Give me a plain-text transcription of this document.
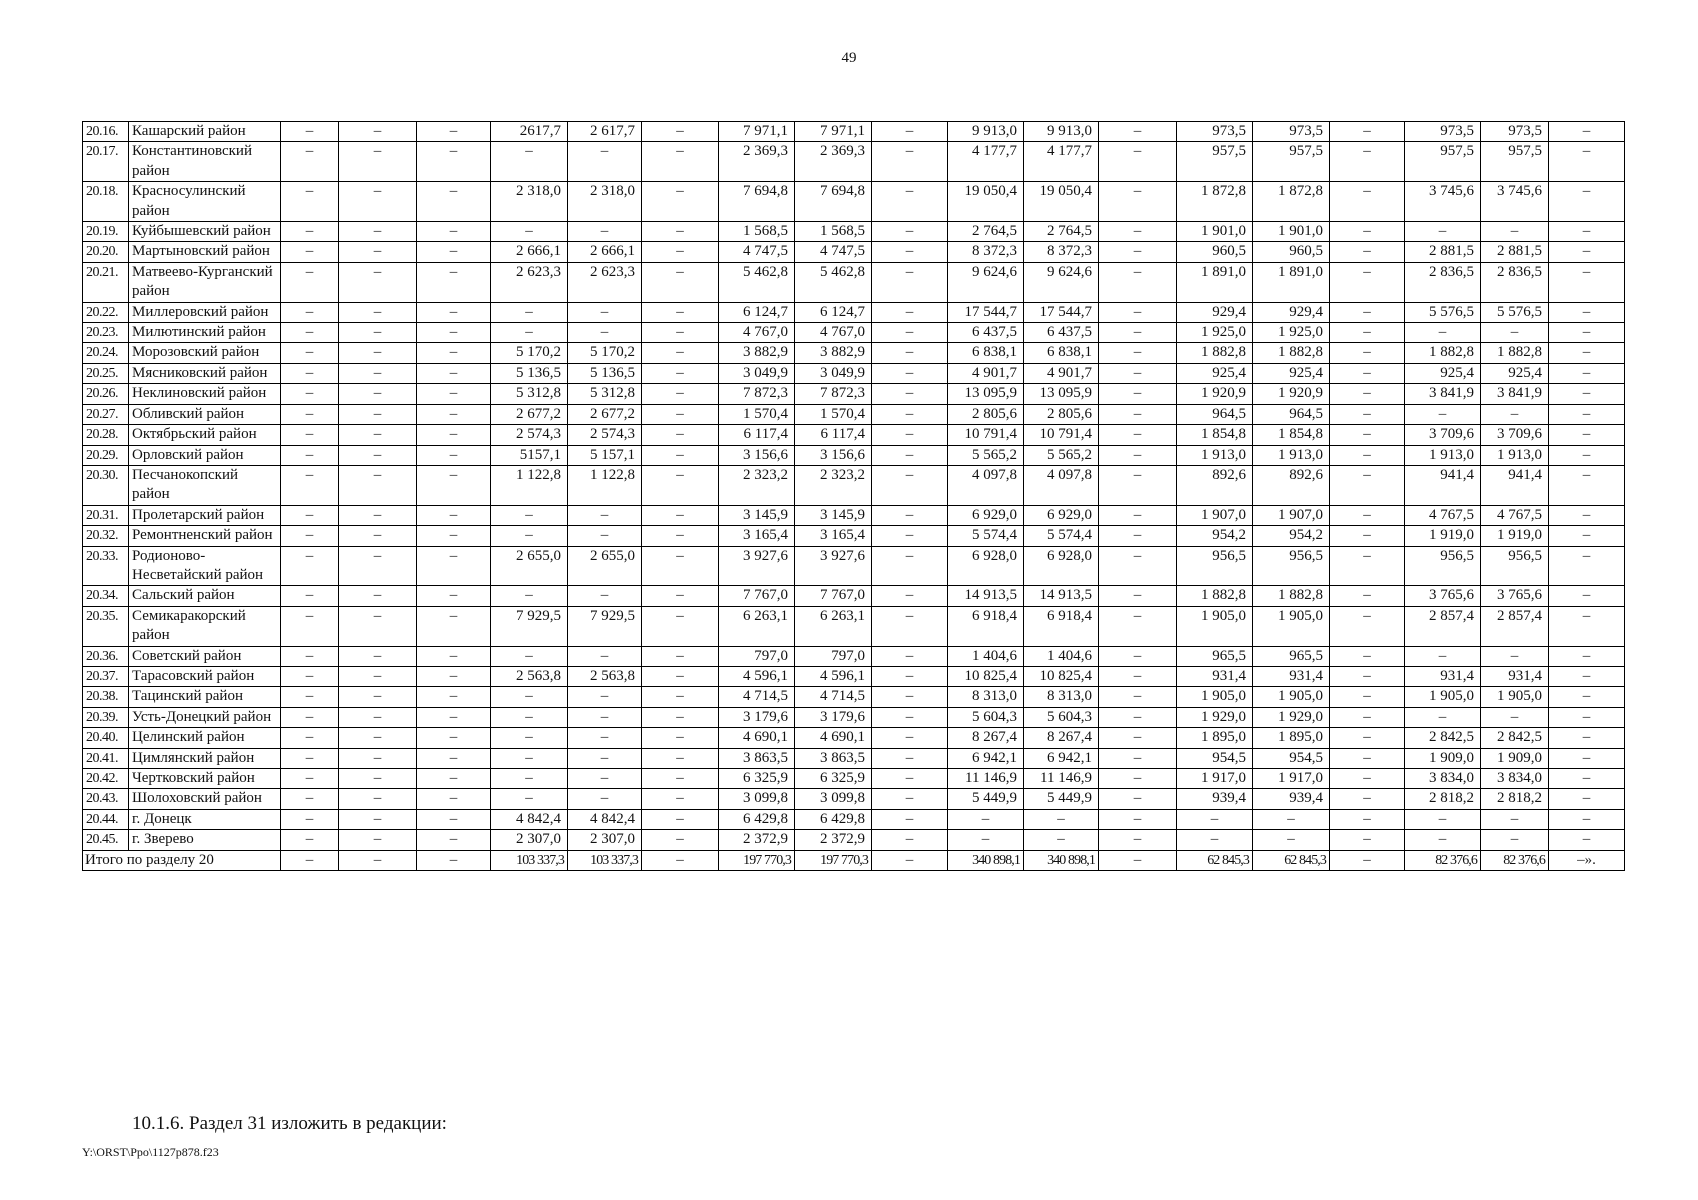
49
20.16.	Кашарский район	–	–	–	2617,7	2 617,7	–	7 971,1	7 971,1	–	9 913,0	9 913,0	–	973,5	973,5	–	973,5	973,5	–
20.17.	Константиновский район	–	–	–	–	–	–	2 369,3	2 369,3	–	4 177,7	4 177,7	–	957,5	957,5	–	957,5	957,5	–
20.18.	Красносулинский район	–	–	–	2 318,0	2 318,0	–	7 694,8	7 694,8	–	19 050,4	19 050,4	–	1 872,8	1 872,8	–	3 745,6	3 745,6	–
20.19.	Куйбышевский район	–	–	–	–	–	–	1 568,5	1 568,5	–	2 764,5	2 764,5	–	1 901,0	1 901,0	–	–	–	–
20.20.	Мартыновский район	–	–	–	2 666,1	2 666,1	–	4 747,5	4 747,5	–	8 372,3	8 372,3	–	960,5	960,5	–	2 881,5	2 881,5	–
20.21.	Матвеево-Курганский район	–	–	–	2 623,3	2 623,3	–	5 462,8	5 462,8	–	9 624,6	9 624,6	–	1 891,0	1 891,0	–	2 836,5	2 836,5	–
20.22.	Миллеровский район	–	–	–	–	–	–	6 124,7	6 124,7	–	17 544,7	17 544,7	–	929,4	929,4	–	5 576,5	5 576,5	–
20.23.	Милютинский район	–	–	–	–	–	–	4 767,0	4 767,0	–	6 437,5	6 437,5	–	1 925,0	1 925,0	–	–	–	–
20.24.	Морозовский район	–	–	–	5 170,2	5 170,2	–	3 882,9	3 882,9	–	6 838,1	6 838,1	–	1 882,8	1 882,8	–	1 882,8	1 882,8	–
20.25.	Мясниковский район	–	–	–	5 136,5	5 136,5	–	3 049,9	3 049,9	–	4 901,7	4 901,7	–	925,4	925,4	–	925,4	925,4	–
20.26.	Неклиновский район	–	–	–	5 312,8	5 312,8	–	7 872,3	7 872,3	–	13 095,9	13 095,9	–	1 920,9	1 920,9	–	3 841,9	3 841,9	–
20.27.	Обливский район	–	–	–	2 677,2	2 677,2	–	1 570,4	1 570,4	–	2 805,6	2 805,6	–	964,5	964,5	–	–	–	–
20.28.	Октябрьский район	–	–	–	2 574,3	2 574,3	–	6 117,4	6 117,4	–	10 791,4	10 791,4	–	1 854,8	1 854,8	–	3 709,6	3 709,6	–
20.29.	Орловский район	–	–	–	5157,1	5 157,1	–	3 156,6	3 156,6	–	5 565,2	5 565,2	–	1 913,0	1 913,0	–	1 913,0	1 913,0	–
20.30.	Песчанокопский район	–	–	–	1 122,8	1 122,8	–	2 323,2	2 323,2	–	4 097,8	4 097,8	–	892,6	892,6	–	941,4	941,4	–
20.31.	Пролетарский район	–	–	–	–	–	–	3 145,9	3 145,9	–	6 929,0	6 929,0	–	1 907,0	1 907,0	–	4 767,5	4 767,5	–
20.32.	Ремонтненский район	–	–	–	–	–	–	3 165,4	3 165,4	–	5 574,4	5 574,4	–	954,2	954,2	–	1 919,0	1 919,0	–
20.33.	Родионово-Несветайский район	–	–	–	2 655,0	2 655,0	–	3 927,6	3 927,6	–	6 928,0	6 928,0	–	956,5	956,5	–	956,5	956,5	–
20.34.	Сальский район	–	–	–	–	–	–	7 767,0	7 767,0	–	14 913,5	14 913,5	–	1 882,8	1 882,8	–	3 765,6	3 765,6	–
20.35.	Семикаракорский район	–	–	–	7 929,5	7 929,5	–	6 263,1	6 263,1	–	6 918,4	6 918,4	–	1 905,0	1 905,0	–	2 857,4	2 857,4	–
20.36.	Советский район	–	–	–	–	–	–	797,0	797,0	–	1 404,6	1 404,6	–	965,5	965,5	–	–	–	–
20.37.	Тарасовский район	–	–	–	2 563,8	2 563,8	–	4 596,1	4 596,1	–	10 825,4	10 825,4	–	931,4	931,4	–	931,4	931,4	–
20.38.	Тацинский район	–	–	–	–	–	–	4 714,5	4 714,5	–	8 313,0	8 313,0	–	1 905,0	1 905,0	–	1 905,0	1 905,0	–
20.39.	Усть-Донецкий район	–	–	–	–	–	–	3 179,6	3 179,6	–	5 604,3	5 604,3	–	1 929,0	1 929,0	–	–	–	–
20.40.	Целинский район	–	–	–	–	–	–	4 690,1	4 690,1	–	8 267,4	8 267,4	–	1 895,0	1 895,0	–	2 842,5	2 842,5	–
20.41.	Цимлянский район	–	–	–	–	–	–	3 863,5	3 863,5	–	6 942,1	6 942,1	–	954,5	954,5	–	1 909,0	1 909,0	–
20.42.	Чертковский район	–	–	–	–	–	–	6 325,9	6 325,9	–	11 146,9	11 146,9	–	1 917,0	1 917,0	–	3 834,0	3 834,0	–
20.43.	Шолоховский район	–	–	–	–	–	–	3 099,8	3 099,8	–	5 449,9	5 449,9	–	939,4	939,4	–	2 818,2	2 818,2	–
20.44.	г. Донецк	–	–	–	4 842,4	4 842,4	–	6 429,8	6 429,8	–	–	–	–	–	–	–	–	–	–
20.45.	г. Зверево	–	–	–	2 307,0	2 307,0	–	2 372,9	2 372,9	–	–	–	–	–	–	–	–	–	–
Итого по разделу 20		–	–	–	103 337,3	103 337,3	–	197 770,3	197 770,3	–	340 898,1	340 898,1	–	62 845,3	62 845,3	–	82 376,6	82 376,6	–».
10.1.6. Раздел 31 изложить в редакции:
Y:\ORST\Ppo\1127p878.f23
